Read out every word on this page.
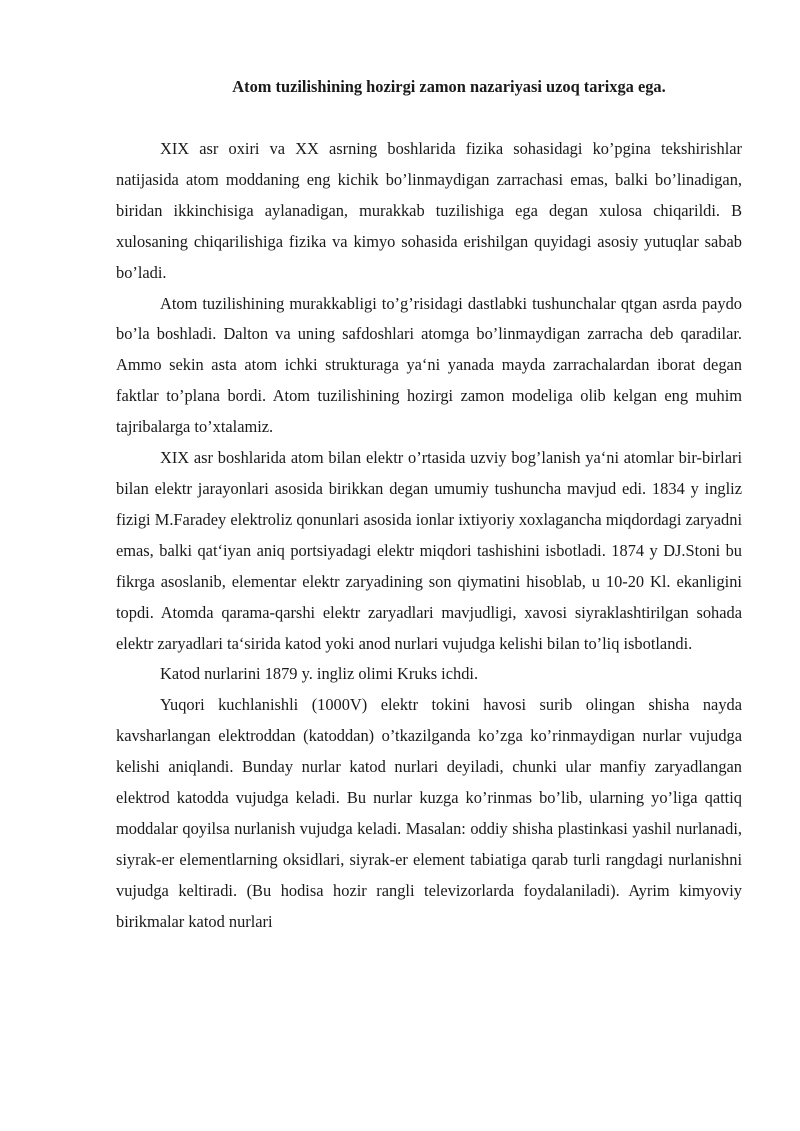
Atom tuzilishining hozirgi zamon nazariyasi uzoq tarixga ega.

XIX asr oxiri va XX asrning boshlarida fizika sohasidagi ko’pgina tekshirishlar natijasida atom moddaning eng kichik bo’linmaydigan zarrachasi emas, balki bo’linadigan, biridan ikkinchisiga aylanadigan, murakkab tuzilishiga ega degan xulosa chiqarildi. B xulosaning chiqarilishiga fizika va kimyo sohasida erishilgan quyidagi asosiy yutuqlar sabab bo’ladi.

Atom tuzilishining murakkabligi to’g’risidagi dastlabki tushunchalar qtgan asrda paydo bo’la boshladi. Dalton va uning safdoshlari atomga bo’linmaydigan zarracha deb qaradilar. Ammo sekin asta atom ichki strukturaga ya‘ni yanada mayda zarrachalardan iborat degan faktlar to’plana bordi. Atom tuzilishining hozirgi zamon modeliga olib kelgan eng muhim tajribalarga to’xtalamiz.

XIX asr boshlarida atom bilan elektr o’rtasida uzviy bog’lanish ya‘ni atomlar bir-birlari bilan elektr jarayonlari asosida birikkan degan umumiy tushuncha mavjud edi. 1834 y ingliz fizigi M.Faradey elektroliz qonunlari asosida ionlar ixtiyoriy xoxlagancha miqdordagi zaryadni emas, balki qat‘iyan aniq portsiyadagi elektr miqdori tashishini isbotladi. 1874 y DJ.Stoni bu fikrga asoslanib, elementar elektr zaryadining son qiymatini hisoblab, u 10-20 Kl. ekanligini topdi. Atomda qarama-qarshi elektr zaryadlari mavjudligi, xavosi siyraklashtirilgan sohada elektr zaryadlari ta‘sirida katod yoki anod nurlari vujudga kelishi bilan to’liq isbotlandi.

Katod nurlarini 1879 y. ingliz olimi Kruks ichdi.

Yuqori kuchlanishli (1000V) elektr tokini havosi surib olingan shisha nayda kavsharlangan elektroddan (katoddan) o’tkazilganda ko’zga ko’rinmaydigan nurlar vujudga kelishi aniqlandi. Bunday nurlar katod nurlari deyiladi, chunki ular manfiy zaryadlangan elektrod katodda vujudga keladi. Bu nurlar kuzga ko’rinmas bo’lib, ularning yo’liga qattiq moddalar qoyilsa nurlanish vujudga keladi. Masalan: oddiy shisha plastinkasi yashil nurlanadi, siyrak-er elementlarning oksidlari, siyrak-er element tabiatiga qarab turli rangdagi nurlanishni vujudga keltiradi. (Bu hodisa hozir rangli televizorlarda foydalaniladi). Ayrim kimyoviy birikmalar katod nurlari
